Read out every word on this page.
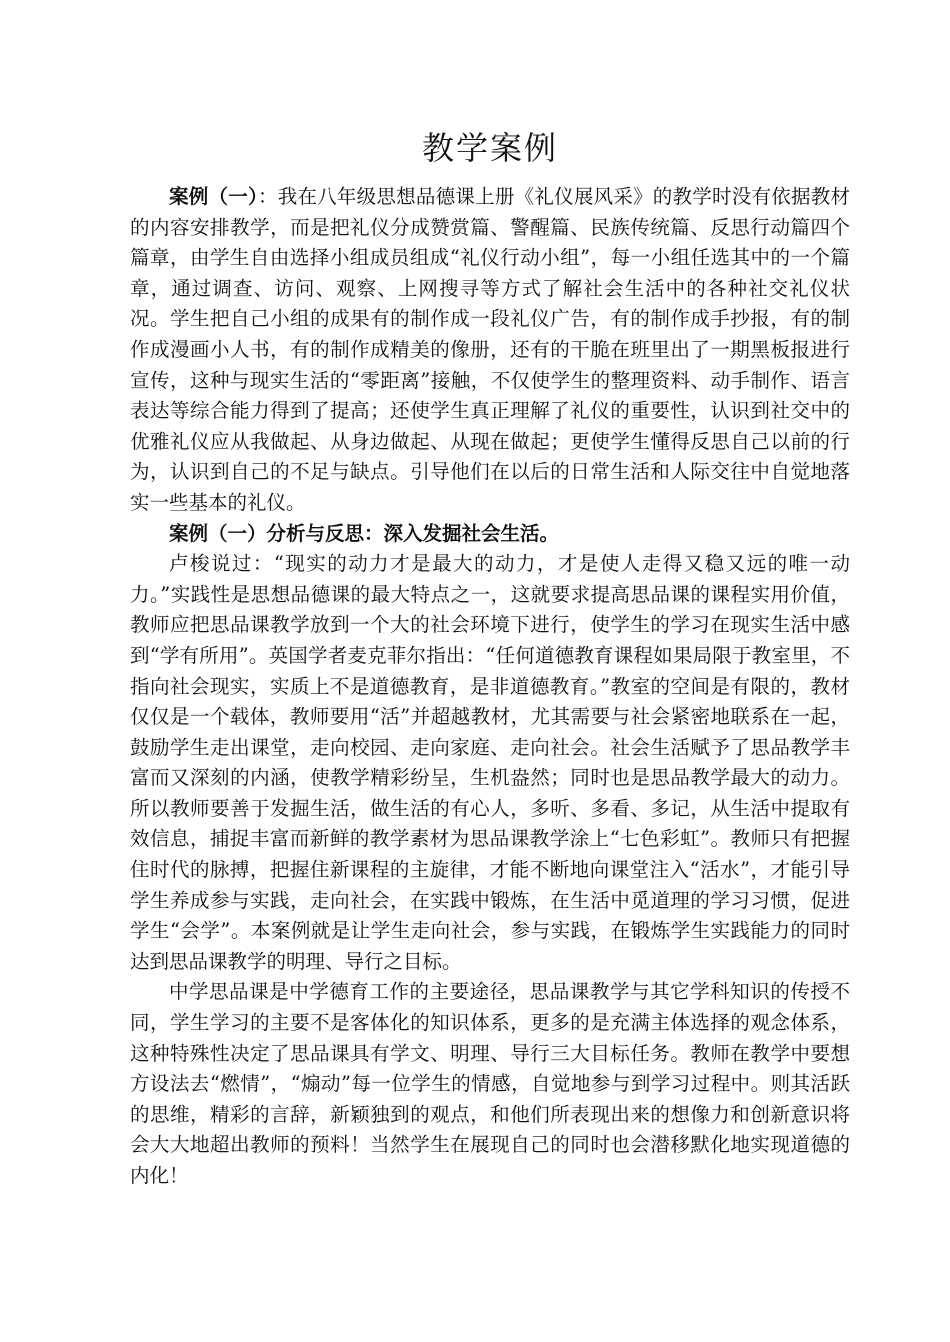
教学案例

案例（一）：我在八年级思想品德课上册《礼仪展风采》的教学时没有依据教材的内容安排教学，而是把礼仪分成赞赏篇、警醒篇、民族传统篇、反思行动篇四个篇章，由学生自由选择小组成员组成“礼仪行动小组”，每一小组任选其中的一个篇章，通过调查、访问、观察、上网搜寻等方式了解社会生活中的各种社交礼仪状况。学生把自己小组的成果有的制作成一段礼仪广告，有的制作成手抄报，有的制作成漫画小人书，有的制作成精美的像册，还有的干脆在班里出了一期黑板报进行宣传，这种与现实生活的“零距离”接触，不仅使学生的整理资料、动手制作、语言表达等综合能力得到了提高；还使学生真正理解了礼仪的重要性，认识到社交中的优雅礼仪应从我做起、从身边做起、从现在做起；更使学生懂得反思自己以前的行为，认识到自己的不足与缺点。引导他们在以后的日常生活和人际交往中自觉地落实一些基本的礼仪。

案例（一）分析与反思：深入发掘社会生活。

卢梭说过：“现实的动力才是最大的动力，才是使人走得又稳又远的唯一动力。”实践性是思想品德课的最大特点之一，这就要求提高思品课的课程实用价值，教师应把思品课教学放到一个大的社会环境下进行，使学生的学习在现实生活中感到“学有所用”。英国学者麦克菲尔指出：“任何道德教育课程如果局限于教室里，不指向社会现实，实质上不是道德教育，是非道德教育。”教室的空间是有限的，教材仅仅是一个载体，教师要用“活”并超越教材，尤其需要与社会紧密地联系在一起，鼓励学生走出课堂，走向校园、走向家庭、走向社会。社会生活赋予了思品教学丰富而又深刻的内涵，使教学精彩纷呈，生机盎然；同时也是思品教学最大的动力。所以教师要善于发掘生活，做生活的有心人，多听、多看、多记，从生活中提取有效信息，捕捉丰富而新鲜的教学素材为思品课教学涂上“七色彩虹”。教师只有把握住时代的脉搏，把握住新课程的主旋律，才能不断地向课堂注入“活水”，才能引导学生养成参与实践，走向社会，在实践中锻炼，在生活中觅道理的学习习惯，促进学生“会学”。本案例就是让学生走向社会，参与实践，在锻炼学生实践能力的同时达到思品课教学的明理、导行之目标。

中学思品课是中学德育工作的主要途径，思品课教学与其它学科知识的传授不同，学生学习的主要不是客体化的知识体系，更多的是充满主体选择的观念体系，这种特殊性决定了思品课具有学文、明理、导行三大目标任务。教师在教学中要想方设法去“燃情”，“煽动”每一位学生的情感，自觉地参与到学习过程中。则其活跃的思维，精彩的言辞，新颖独到的观点，和他们所表现出来的想像力和创新意识将会大大地超出教师的预料！当然学生在展现自己的同时也会潜移默化地实现道德的内化！
